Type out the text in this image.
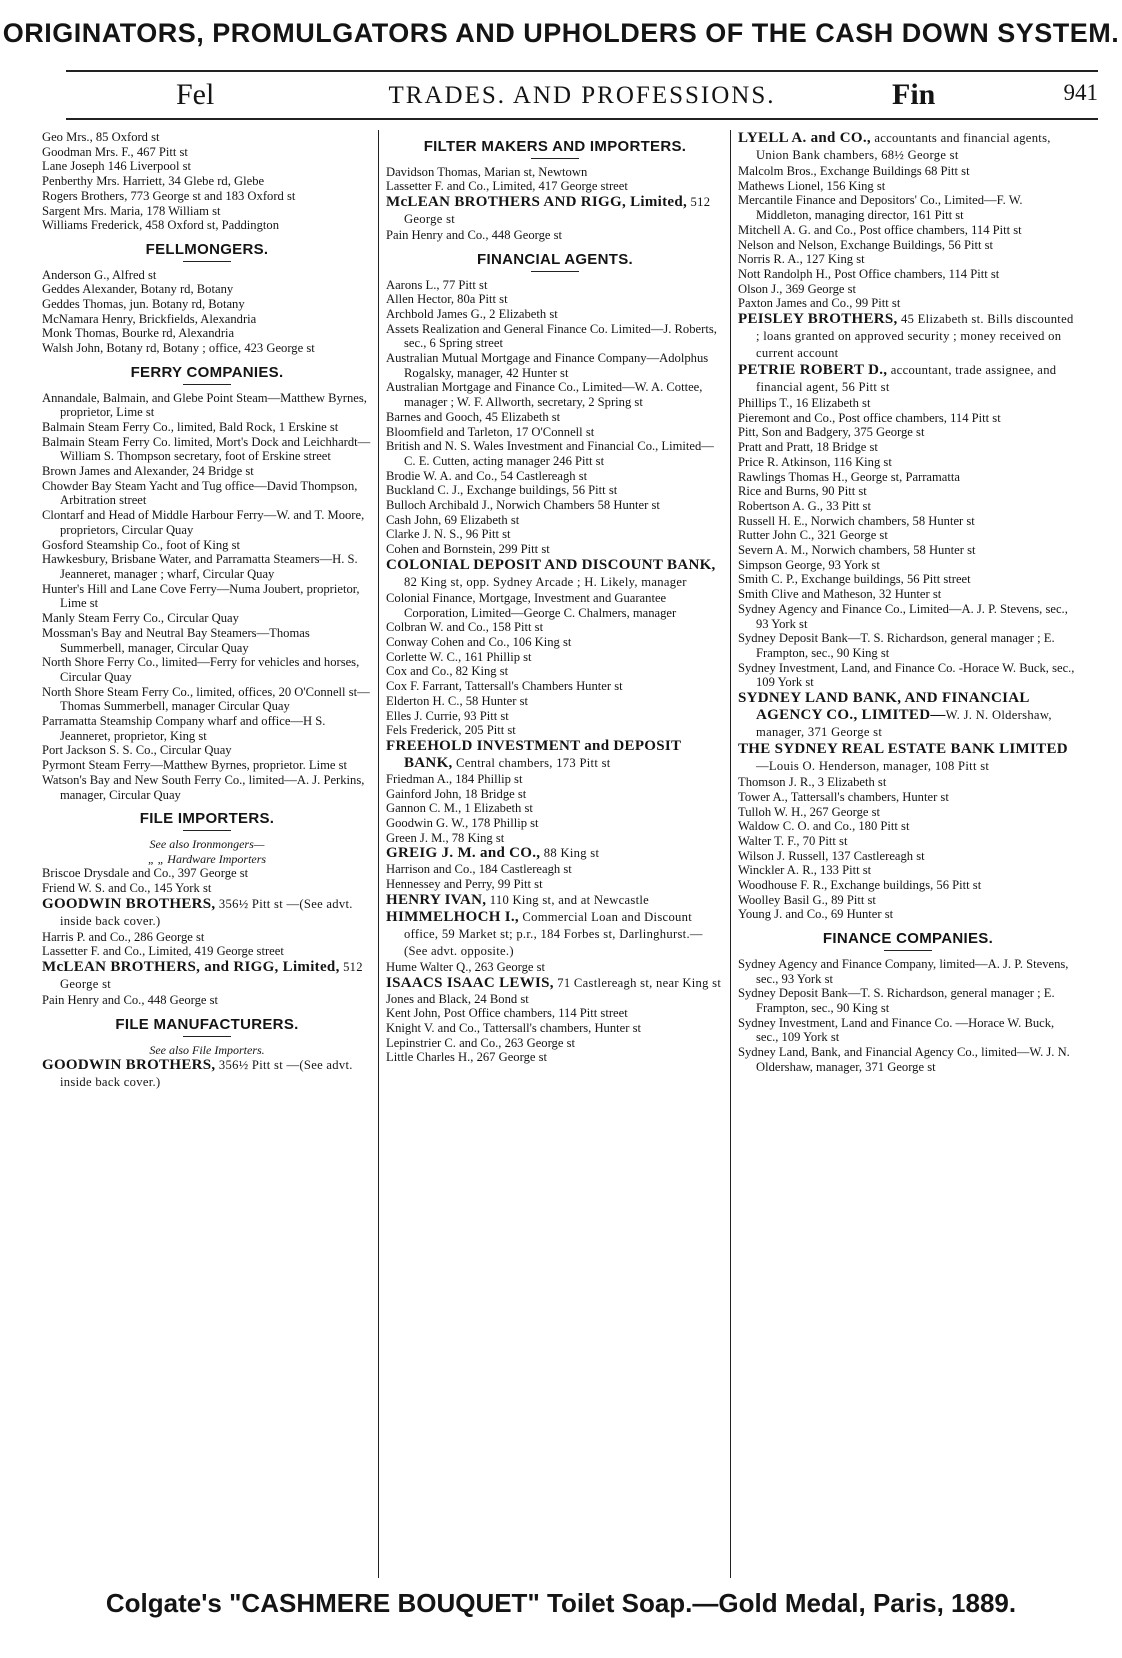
ORIGINATORS, PROMULGATORS AND UPHOLDERS OF THE CASH DOWN SYSTEM.
Fel	TRADES. AND PROFESSIONS.	Fin	941

Geo Mrs., 85 Oxford st

Goodman Mrs. F., 467 Pitt st

Lane Joseph 146 Liverpool st

Penberthy Mrs. Harriett, 34 Glebe rd, Glebe

Rogers Brothers, 773 George st and 183 Oxford st

Sargent Mrs. Maria, 178 William st

Williams Frederick, 458 Oxford st, Paddington

FELLMONGERS.

Anderson G., Alfred st

Geddes Alexander, Botany rd, Botany

Geddes Thomas, jun. Botany rd, Botany

McNamara Henry, Brickfields, Alexandria

Monk Thomas, Bourke rd, Alexandria

Walsh John, Botany rd, Botany ; office, 423 George st

FERRY COMPANIES.

Annandale, Balmain, and Glebe Point Steam—Matthew Byrnes, proprietor, Lime st

Balmain Steam Ferry Co., limited, Bald Rock, 1 Erskine st

Balmain Steam Ferry Co. limited, Mort's Dock and Leichhardt—William S. Thompson secretary, foot of Erskine street

Brown James and Alexander, 24 Bridge st

Chowder Bay Steam Yacht and Tug office—David Thompson, Arbitration street

Clontarf and Head of Middle Harbour Ferry—W. and T. Moore, proprietors, Circular Quay

Gosford Steamship Co., foot of King st

Hawkesbury, Brisbane Water, and Parramatta Steamers—H. S. Jeanneret, manager ; wharf, Circular Quay

Hunter's Hill and Lane Cove Ferry—Numa Joubert, proprietor, Lime st

Manly Steam Ferry Co., Circular Quay

Mossman's Bay and Neutral Bay Steamers—Thomas Summerbell, manager, Circular Quay

North Shore Ferry Co., limited—Ferry for vehicles and horses, Circular Quay

North Shore Steam Ferry Co., limited, offices, 20 O'Connell st—Thomas Summerbell, manager Circular Quay

Parramatta Steamship Company wharf and office—H S. Jeanneret, proprietor, King st

Port Jackson S. S. Co., Circular Quay

Pyrmont Steam Ferry—Matthew Byrnes, proprietor. Lime st

Watson's Bay and New South Ferry Co., limited—A. J. Perkins, manager, Circular Quay

FILE IMPORTERS.

See also Ironmongers—

„ „ Hardware Importers

Briscoe Drysdale and Co., 397 George st

Friend W. S. and Co., 145 York st

GOODWIN BROTHERS, 356½ Pitt st —(See advt. inside back cover.)

Harris P. and Co., 286 George st

Lassetter F. and Co., Limited, 419 George street

McLEAN BROTHERS, and RIGG, Limited, 512 George st

Pain Henry and Co., 448 George st

FILE MANUFACTURERS.

See also File Importers.

GOODWIN BROTHERS, 356½ Pitt st —(See advt. inside back cover.)

FILTER MAKERS AND IMPORTERS.

Davidson Thomas, Marian st, Newtown

Lassetter F. and Co., Limited, 417 George street

McLEAN BROTHERS AND RIGG, Limited, 512 George st

Pain Henry and Co., 448 George st

FINANCIAL AGENTS.

Aarons L., 77 Pitt st

Allen Hector, 80a Pitt st

Archbold James G., 2 Elizabeth st

Assets Realization and General Finance Co. Limited—J. Roberts, sec., 6 Spring street

Australian Mutual Mortgage and Finance Company—Adolphus Rogalsky, manager, 42 Hunter st

Australian Mortgage and Finance Co., Limited—W. A. Cottee, manager ; W. F. Allworth, secretary, 2 Spring st

Barnes and Gooch, 45 Elizabeth st

Bloomfield and Tarleton, 17 O'Connell st

British and N. S. Wales Investment and Financial Co., Limited—C. E. Cutten, acting manager 246 Pitt st

Brodie W. A. and Co., 54 Castlereagh st

Buckland C. J., Exchange buildings, 56 Pitt st

Bulloch Archibald J., Norwich Chambers 58 Hunter st

Cash John, 69 Elizabeth st

Clarke J. N. S., 96 Pitt st

Cohen and Bornstein, 299 Pitt st

COLONIAL DEPOSIT AND DISCOUNT BANK, 82 King st, opp. Sydney Arcade ; H. Likely, manager

Colonial Finance, Mortgage, Investment and Guarantee Corporation, Limited—George C. Chalmers, manager

Colbran W. and Co., 158 Pitt st

Conway Cohen and Co., 106 King st

Corlette W. C., 161 Phillip st

Cox and Co., 82 King st

Cox F. Farrant, Tattersall's Chambers Hunter st

Elderton H. C., 58 Hunter st

Elles J. Currie, 93 Pitt st

Fels Frederick, 205 Pitt st

FREEHOLD INVESTMENT and DEPOSIT BANK, Central chambers, 173 Pitt st

Friedman A., 184 Phillip st

Gainford John, 18 Bridge st

Gannon C. M., 1 Elizabeth st

Goodwin G. W., 178 Phillip st

Green J. M., 78 King st

GREIG J. M. and CO., 88 King st

Harrison and Co., 184 Castlereagh st

Hennessey and Perry, 99 Pitt st

HENRY IVAN, 110 King st, and at Newcastle

HIMMELHOCH I., Commercial Loan and Discount office, 59 Market st; p.r., 184 Forbes st, Darlinghurst.—(See advt. opposite.)

Hume Walter Q., 263 George st

ISAACS ISAAC LEWIS, 71 Castlereagh st, near King st

Jones and Black, 24 Bond st

Kent John, Post Office chambers, 114 Pitt street

Knight V. and Co., Tattersall's chambers, Hunter st

Lepinstrier C. and Co., 263 George st

Little Charles H., 267 George st

LYELL A. and CO., accountants and financial agents, Union Bank chambers, 68½ George st

Malcolm Bros., Exchange Buildings 68 Pitt st

Mathews Lionel, 156 King st

Mercantile Finance and Depositors' Co., Limited—F. W. Middleton, managing director, 161 Pitt st

Mitchell A. G. and Co., Post office chambers, 114 Pitt st

Nelson and Nelson, Exchange Buildings, 56 Pitt st

Norris R. A., 127 King st

Nott Randolph H., Post Office chambers, 114 Pitt st

Olson J., 369 George st

Paxton James and Co., 99 Pitt st

PEISLEY BROTHERS, 45 Elizabeth st. Bills discounted ; loans granted on approved security ; money received on current account

PETRIE ROBERT D., accountant, trade assignee, and financial agent, 56 Pitt st

Phillips T., 16 Elizabeth st

Pieremont and Co., Post office chambers, 114 Pitt st

Pitt, Son and Badgery, 375 George st

Pratt and Pratt, 18 Bridge st

Price R. Atkinson, 116 King st

Rawlings Thomas H., George st, Parramatta

Rice and Burns, 90 Pitt st

Robertson A. G., 33 Pitt st

Russell H. E., Norwich chambers, 58 Hunter st

Rutter John C., 321 George st

Severn A. M., Norwich chambers, 58 Hunter st

Simpson George, 93 York st

Smith C. P., Exchange buildings, 56 Pitt street

Smith Clive and Matheson, 32 Hunter st

Sydney Agency and Finance Co., Limited—A. J. P. Stevens, sec., 93 York st

Sydney Deposit Bank—T. S. Richardson, general manager ; E. Frampton, sec., 90 King st

Sydney Investment, Land, and Finance Co. -Horace W. Buck, sec., 109 York st

SYDNEY LAND BANK, AND FINANCIAL AGENCY CO., LIMITED—W. J. N. Oldershaw, manager, 371 George st

THE SYDNEY REAL ESTATE BANK LIMITED —Louis O. Henderson, manager, 108 Pitt st

Thomson J. R., 3 Elizabeth st

Tower A., Tattersall's chambers, Hunter st

Tulloh W. H., 267 George st

Waldow C. O. and Co., 180 Pitt st

Walter T. F., 70 Pitt st

Wilson J. Russell, 137 Castlereagh st

Winckler A. R., 133 Pitt st

Woodhouse F. R., Exchange buildings, 56 Pitt st

Woolley Basil G., 89 Pitt st

Young J. and Co., 69 Hunter st

FINANCE COMPANIES.

Sydney Agency and Finance Company, limited—A. J. P. Stevens, sec., 93 York st

Sydney Deposit Bank—T. S. Richardson, general manager ; E. Frampton, sec., 90 King st

Sydney Investment, Land and Finance Co. —Horace W. Buck, sec., 109 York st

Sydney Land, Bank, and Financial Agency Co., limited—W. J. N. Oldershaw, manager, 371 George st

Colgate's "CASHMERE BOUQUET" Toilet Soap.—Gold Medal, Paris, 1889.
